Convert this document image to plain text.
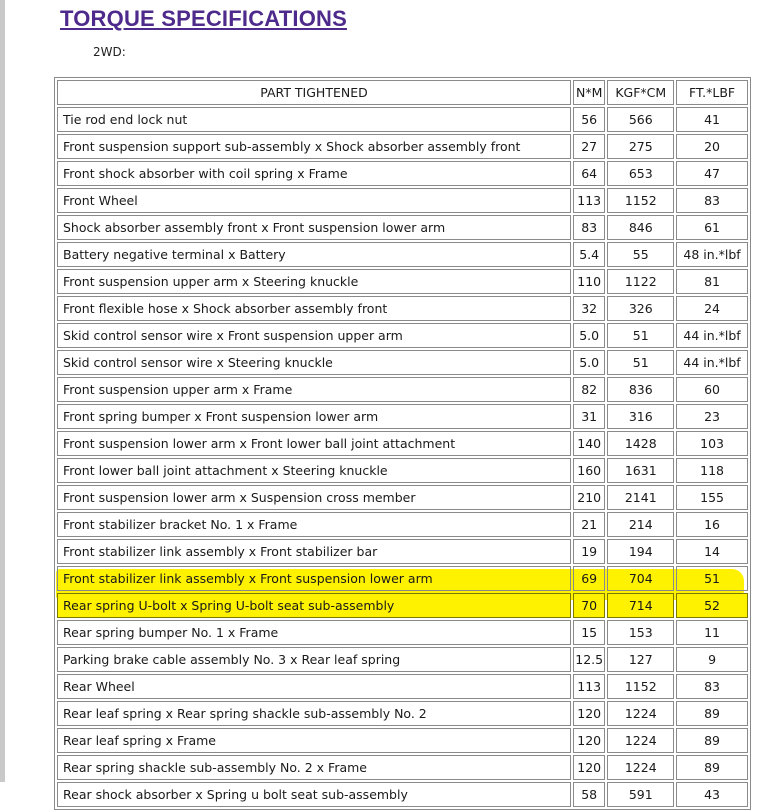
TORQUE SPECIFICATIONS
2WD:
PART TIGHTENED	N*M	KGF*CM	FT.*LBF
Tie rod end lock nut	56	566	41
Front suspension support sub-assembly x Shock absorber assembly front	27	275	20
Front shock absorber with coil spring x Frame	64	653	47
Front Wheel	113	1152	83
Shock absorber assembly front x Front suspension lower arm	83	846	61
Battery negative terminal x Battery	5.4	55	48 in.*lbf
Front suspension upper arm x Steering knuckle	110	1122	81
Front flexible hose x Shock absorber assembly front	32	326	24
Skid control sensor wire x Front suspension upper arm	5.0	51	44 in.*lbf
Skid control sensor wire x Steering knuckle	5.0	51	44 in.*lbf
Front suspension upper arm x Frame	82	836	60
Front spring bumper x Front suspension lower arm	31	316	23
Front suspension lower arm x Front lower ball joint attachment	140	1428	103
Front lower ball joint attachment x Steering knuckle	160	1631	118
Front suspension lower arm x Suspension cross member	210	2141	155
Front stabilizer bracket No. 1 x Frame	21	214	16
Front stabilizer link assembly x Front stabilizer bar	19	194	14
Front stabilizer link assembly x Front suspension lower arm	69	704	51
Rear spring U-bolt x Spring U-bolt seat sub-assembly	70	714	52
Rear spring bumper No. 1 x Frame	15	153	11
Parking brake cable assembly No. 3 x Rear leaf spring	12.5	127	9
Rear Wheel	113	1152	83
Rear leaf spring x Rear spring shackle sub-assembly No. 2	120	1224	89
Rear leaf spring x Frame	120	1224	89
Rear spring shackle sub-assembly No. 2 x Frame	120	1224	89
Rear shock absorber x Spring u bolt seat sub-assembly	58	591	43
